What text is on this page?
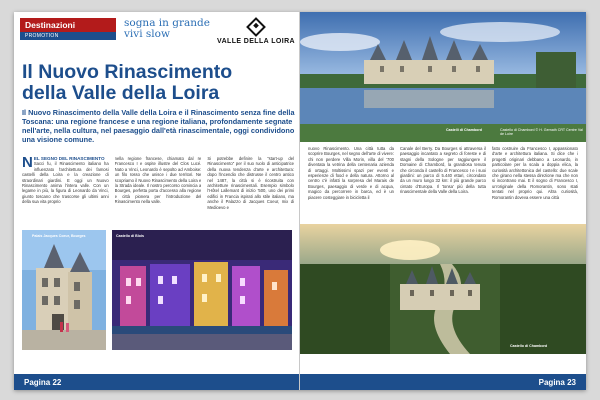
Destinazioni
PROMOTION
sogna in grande
vivi slow
VALLE DELLA LOIRA
Il Nuovo Rinascimento
della Valle della Loira
Il Nuovo Rinascimento della Valle della Loira e il Rinascimento senza fine della Toscana: una regione francese e una regione italiana, profondamente segnate nell'arte, nella cultura, nel paesaggio dall'età rinascimentale, oggi condividono una visione comune.
N EL SEGNO DEL RINASCIMENTO
Sacci fu, il Rinascimento italiano ha influenzato l'architettura dei famosi castelli della Loira e la creazione di straordinari giardini. E oggi un Nuovo Rinascimento anima l'intera valle. Con un legame in più, la figura di Leonardo da Vinci, giunto toscano che trascorse gli ultimi anni della sua vita proprio
nella regione francese, chiamato dal re Francesco I e ospite illustre del Clos Lucé. Nato a Vinci, Leonardo è sepolto ad Amboise: un filo rosso che unisce i due territori. Ne scopriamo il Nuovo Rinascimento della Loira e la Strada ideale. Il nostro percorso comincia a Bourges, perfetta porta d'accesso alla regione e città pionera per l'introduzione del Rinascimento nella valle.
Si potrebbe definire la "start-up del Rinascimento" per il suo ruolo di anticipatrice della nuova tendenza d'arte e architettura: dopo l'incendio che distrusse il centro antico nel 1487, la città si è ricostruita con architetture rinascimentali. Esempio simbolo l'Hôtel Lallemant di inizio '500, uno dei primi edifici in Francia ispirati allo stile italiano, ma anche il Palazzo di Jacques Coeur, mix di Medioevo e
Palais Jacques Coeur, Bourges	Castello di Blois
Pagina 22
Castelli di Chambord	Castello di Chambord © H. Gernath CRT Centre Val de Loire
nuovo Rinascimento. Una città tutta da scoprire Bourges, nel segno dell'arte di vivere: chi non perdere Villa Morin, villa del '700 diventata la vetrina della centenaria azienda di ortaggi. Moltissimi spazi per eventi e esperienze di food e della natura. Attorno al centro c'è infatti la sorpresa del Marais de Bourges, paesaggio di verde e di acqua, magico da percorrere in barca, ed è un piacere costeggiare in bicicletta il
Canale del Berry. Da Bourges si attraversa il paesaggio incantato a segreto di foreste e di stagni della Sologne per raggiungere il Domaine di Chambord, la grandiosa tenuta che circonda il castello di Francesco I e i suoi giardini: un parco di 5.440 ettari, circondato da un muro lungo 32 km: il più grande parco cintato d'Europa. Il 'tonsa' più della tutta rinascimentale della Valle della Loira.
fatto costruire da Francesco I, appassionato d'arte e architettura italiana. Si dice che i progetti originari debbano a Leonardo, in particolare per la scala a doppia elica, la curiosità architettonica del castello: due scale che girano nella stessa direzione ma che non si incontrano mai. E il sogno di Francesco I, un'originale della Romorantin, sono stati tentati nel proprio qui. Altra curiosità, Romorantin doveva essere una città
Castello di Chambord
Pagina 23
